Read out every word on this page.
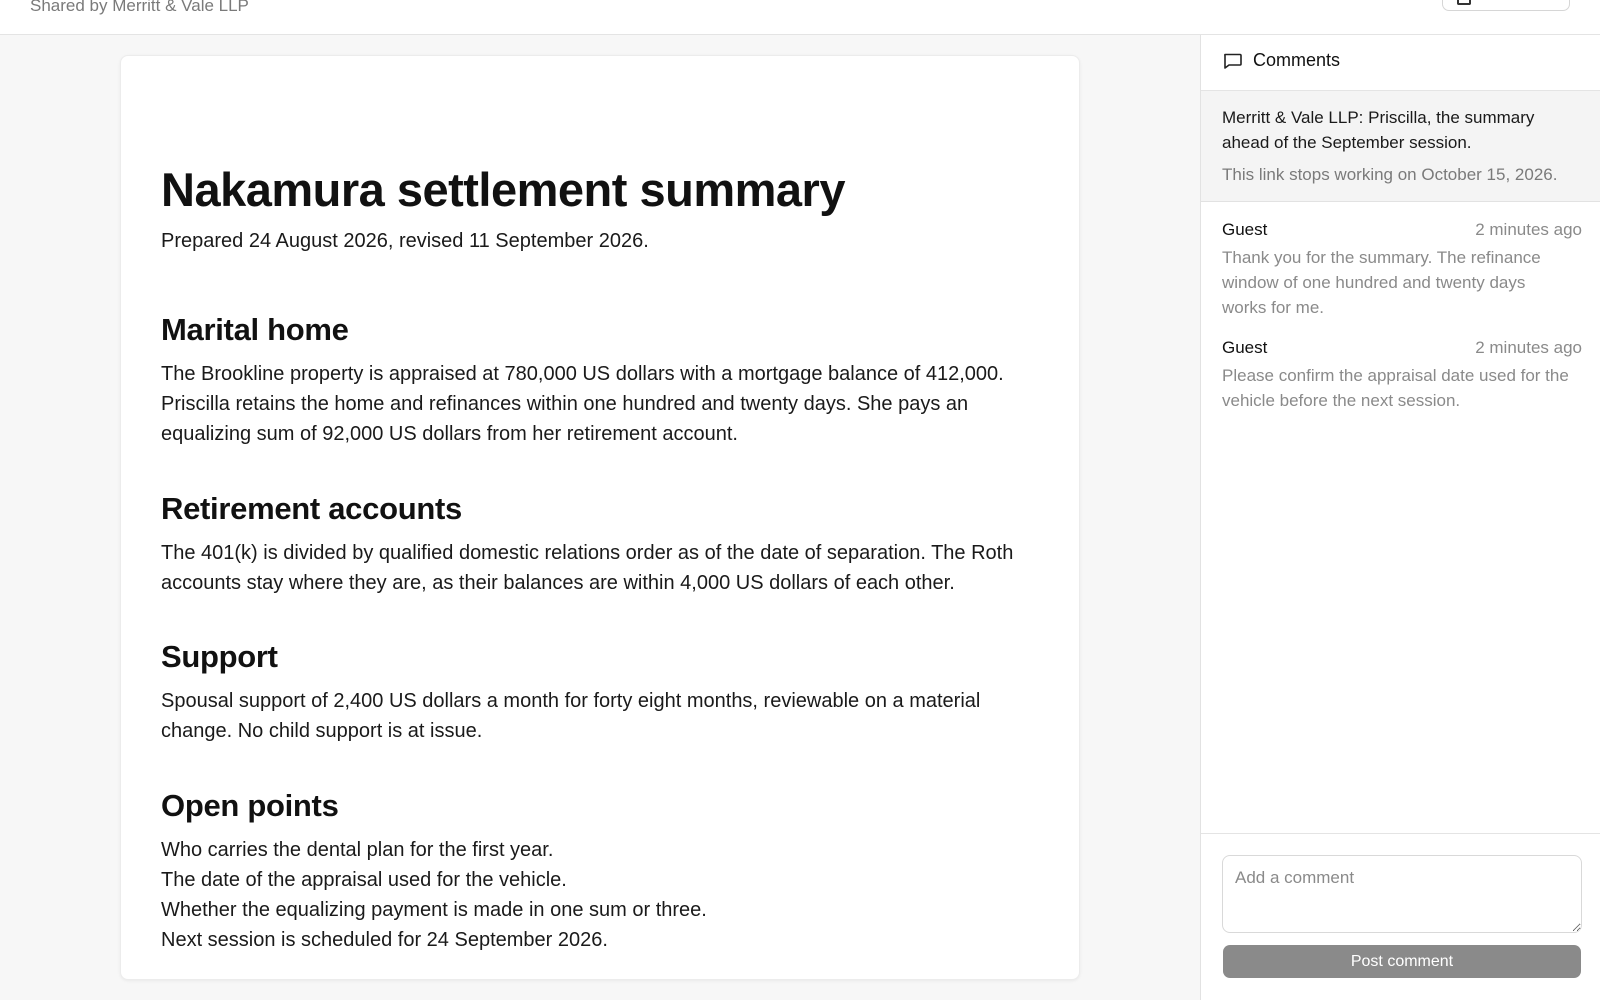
Shared by Merritt & Vale LLP
Nakamura settlement summary

Prepared 24 August 2026, revised 11 September 2026.

Marital home

The Brookline property is appraised at 780,000 US dollars with a mortgage balance of 412,000. Priscilla retains the home and refinances within one hundred and twenty days. She pays an equalizing sum of 92,000 US dollars from her retirement account.

Retirement accounts

The 401(k) is divided by qualified domestic relations order as of the date of separation. The Roth accounts stay where they are, as their balances are within 4,000 US dollars of each other.

Support

Spousal support of 2,400 US dollars a month for forty eight months, reviewable on a material change. No child support is at issue.

Open points
Who carries the dental plan for the first year.
The date of the appraisal used for the vehicle.
Whether the equalizing payment is made in one sum or three.
Next session is scheduled for 24 September 2026.
Comments

Merritt & Vale LLP: Priscilla, the summary ahead of the September session.

This link stops working on October 15, 2026.

Guest	2 minutes ago

Thank you for the summary. The refinance window of one hundred and twenty days works for me.

Guest	2 minutes ago

Please confirm the appraisal date used for the vehicle before the next session.

Add a comment
Post comment
